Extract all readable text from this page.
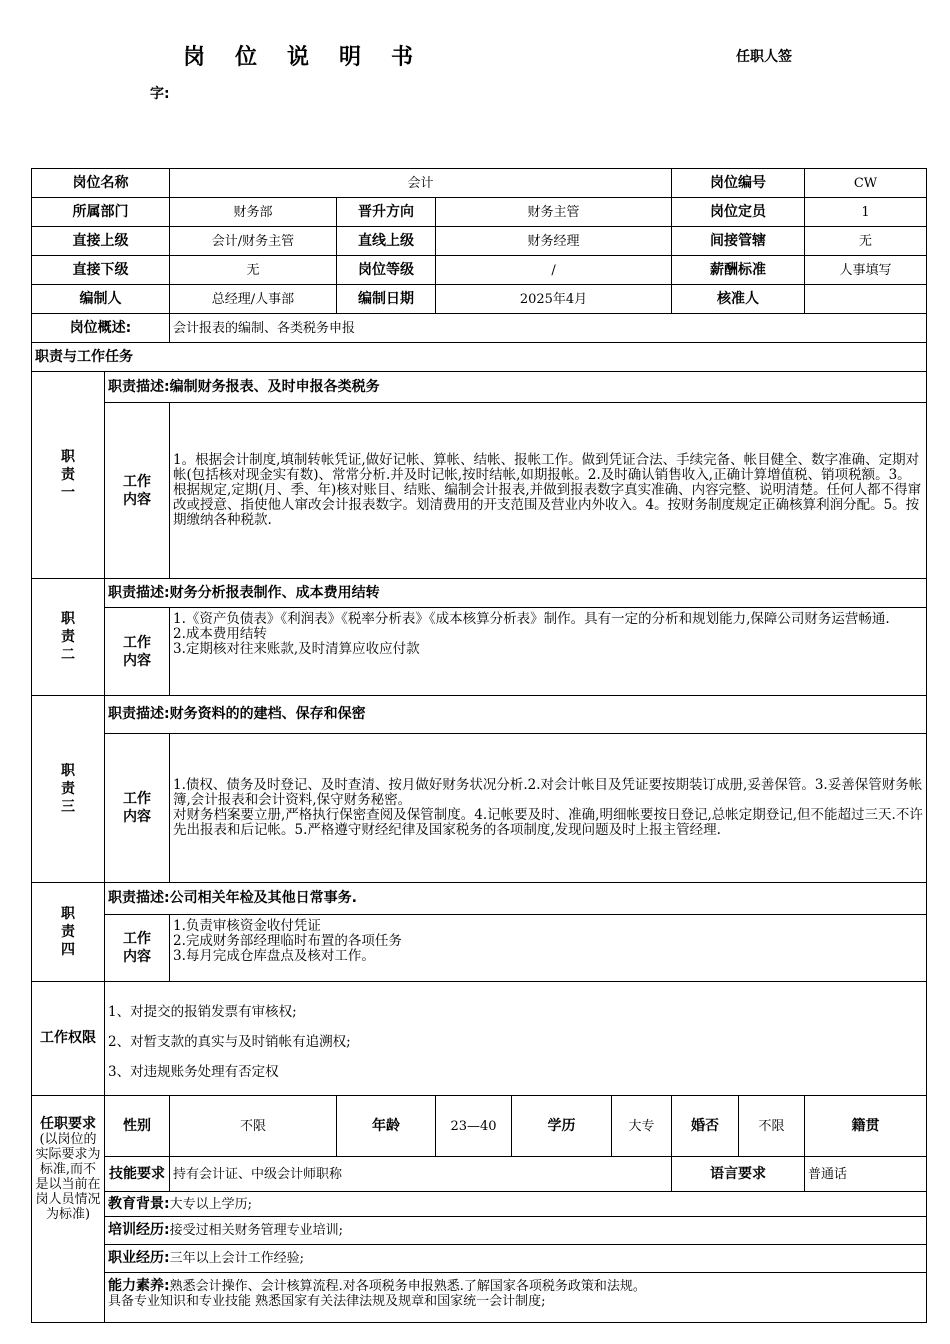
岗位说明书	任职人签
字:
岗位名称		会计					岗位编号		CW	
所属部门		财务部	晋升方向	财务主管			岗位定员		1	
直接上级		会计/财务主管	直线上级	财务经理			间接管辖		无	
直接下级		无	岗位等级	/			薪酬标准		人事填写	
编制人		总经理/人事部	编制日期	2025年4月			核准人			
岗位概述:		会计报表的编制、各类税务申报								
职责与工作任务										

职责一	职责描述:编制财务报表、及时申报各类税务									

	工作内容	1。根据会计制度,填制转帐凭证,做好记帐、算帐、结帐、报帐工作。做到凭证合法、手续完备、帐目健全、数字准确、定期对帐(包括核对现金实有数)、常常分析.并及时记帐,按时结帐,如期报帐。2.及时确认销售收入,正确计算增值税、销项税额。3。根据规定,定期(月、季、年)核对账目、结账、编制会计报表,并做到报表数字真实准确、内容完整、说明清楚。任何人都不得窜改或授意、指使他人窜改会计报表数字。划清费用的开支范围及营业内外收入。4。按财务制度规定正确核算利润分配。5。按期缴纳各种税款.								

职责二	职责描述:财务分析报表制作、成本费用结转									

	工作内容	1.《资产负债表》《利润表》《税率分析表》《成本核算分析表》制作。具有一定的分析和规划能力,保障公司财务运营畅通.
2.成本费用结转
3.定期核对往来账款,及时清算应收应付款								

职责三	职责描述:财务资料的的建档、保存和保密									

	工作内容	1.债权、债务及时登记、及时查清、按月做好财务状况分析.2.对会计帐目及凭证要按期装订成册,妥善保管。3.妥善保管财务帐簿,会计报表和会计资料,保守财务秘密。
对财务档案要立册,严格执行保密查阅及保管制度。4.记帐要及时、准确,明细帐要按日登记,总帐定期登记,但不能超过三天.不许先出报表和后记帐。5.严格遵守财经纪律及国家税务的各项制度,发现问题及时上报主管经理.								

职责四	职责描述:公司相关年检及其他日常事务.									

	工作内容	1.负责审核资金收付凭证
2.完成财务部经理临时布置的各项任务
3.每月完成仓库盘点及核对工作。								
工作权限	1、对提交的报销发票有审核权;

2、对暂支款的真实与及时销帐有追溯权;

3、对违规账务处理有否定权									

任职要求
(以岗位的实际要求为标准,而不是以当前在岗人员情况为标准)	性别	不限	年龄	23—40	学历	大专	婚否	不限	籍贯	
	技能要求	持有会计证、中级会计师职称					语言要求		普通话	
	教育背景:大专以上学历;									
	培训经历:接受过相关财务管理专业培训;									
	职业经历:三年以上会计工作经验;									

	能力素养:熟悉会计操作、会计核算流程.对各项税务申报熟悉.了解国家各项税务政策和法规。
具备专业知识和专业技能 熟悉国家有关法律法规及规章和国家统一会计制度;									
